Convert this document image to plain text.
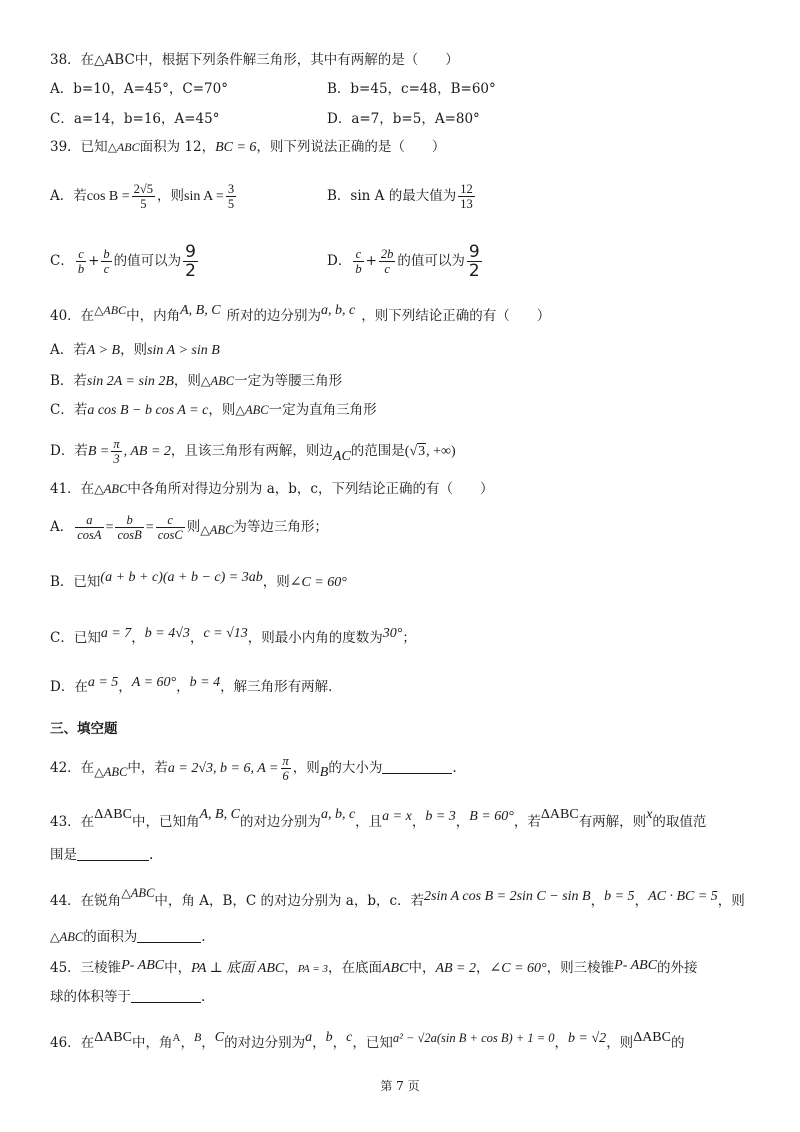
38．在△ABC中，根据下列条件解三角形，其中有两解的是（　　）
A．b=10，A=45°，C=70°	B．b=45，c=48，B=60°
C．a=14，b=16，A=45°	D．a=7，b=5，A=80°
39．已知△ABC面积为 12，BC = 6，则下列说法正确的是（　　）
A．若$\cos B = \frac{2√5}{5}$ ，则$\sin A = \frac{3}{5}$	B．sin A 的最大值为 $\frac{12}{13}$
C． $\frac{c}{b} + \frac{b}{c}$ 的值可以为 $\frac{9}{2}$	D． $\frac{c}{b} + \frac{2b}{c}$ 的值可以为 $\frac{9}{2}$
40．在△ABC中，内角A, B, C 所对的边分别为a, b, c ，则下列结论正确的有（　　）
A．若A > B，则sin A > sin B
B．若sin 2A = sin 2B，则△ABC一定为等腰三角形
C．若a cos B − b cos A = c，则△ABC一定为直角三角形
D．若$B = \frac{\pi}{3}$ , AB = 2，且该三角形有两解，则边AC的范围是(√3, +∞)
41．在△ABC中各角所对得边分别为 a，b，c，下列结论正确的有（　　）
A． $\frac{a}{\cos A} = \frac{b}{\cos B} = \frac{c}{\cos C}$ 则△ABC为等边三角形；
B．已知(a + b + c)(a + b − c) = 3ab，则∠C = 60°
C．已知a = 7，b = 4√3，c = √13，则最小内角的度数为30°；
D．在a = 5，A = 60°，b = 4，解三角形有两解．
三、填空题
42．在△ABC中，若a = 2√3, b = 6, $A = \frac{\pi}{6}$ ，则B的大小为	.
43．在ΔABC中，已知角A, B, C的对边分别为a, b, c，且a = x，b = 3，B = 60°，若ΔABC有两解，则x的取值范
围是	.
44．在锐角△ABC中，角 A，B，C 的对边分别为 a，b，c．若2sin A cos B = 2sin C − sin B，b = 5，AC · BC = 5，则
△ABC的面积为	.
45．三棱锥P- ABC中，PA ⊥ 底面 ABC，PA = 3，在底面ABC中，AB = 2，∠C = 60°，则三棱锥P- ABC的外接
球的体积等于	.
46．在ΔABC中，角$^A$，B，C的对边分别为a，b，c，已知a² − √2a(sin B + cos B) + 1 = 0，b = √2，则ΔABC的
第 7 页
